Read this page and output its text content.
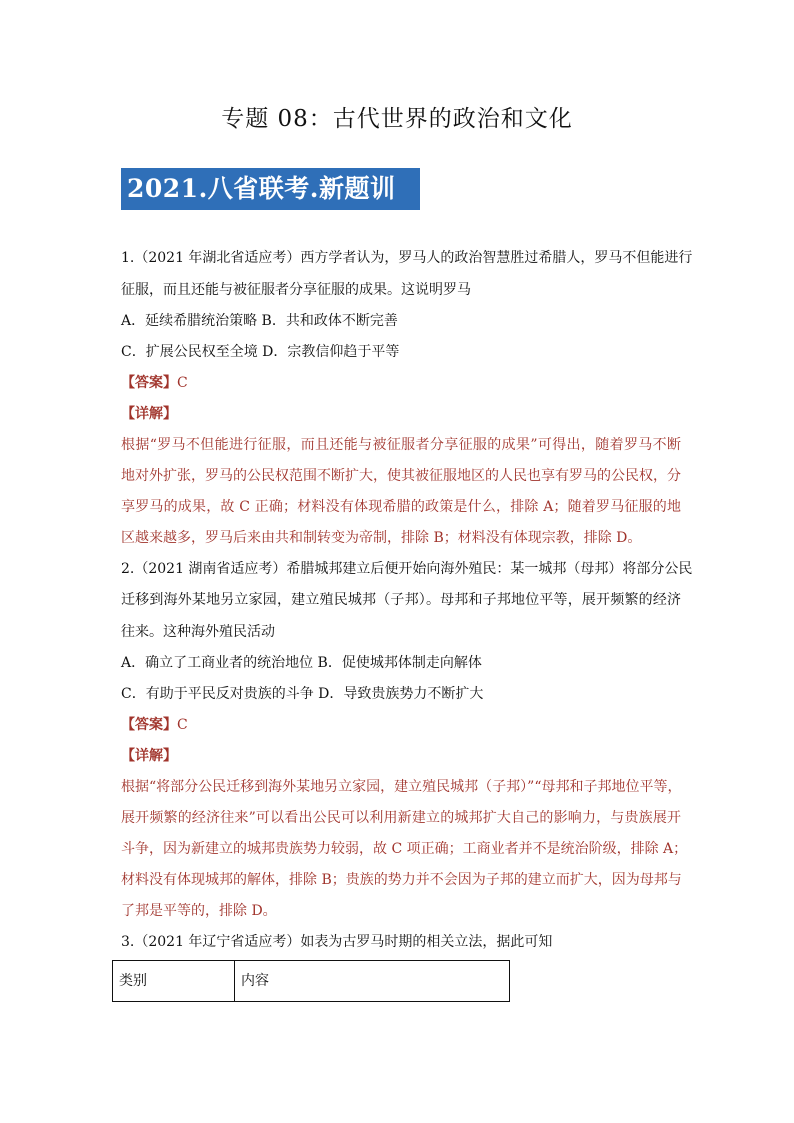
专题 08：古代世界的政治和文化
2021.八省联考.新题训练
1.（2021 年湖北省适应考）西方学者认为，罗马人的政治智慧胜过希腊人，罗马不但能进行
征服，而且还能与被征服者分享征服的成果。这说明罗马
A．延续希腊统治策略 B．共和政体不断完善
C．扩展公民权至全境 D．宗教信仰趋于平等
【答案】C
【详解】
根据“罗马不但能进行征服，而且还能与被征服者分享征服的成果”可得出，随着罗马不断
地对外扩张，罗马的公民权范围不断扩大，使其被征服地区的人民也享有罗马的公民权，分
享罗马的成果，故 C 正确；材料没有体现希腊的政策是什么，排除 A；随着罗马征服的地
区越来越多，罗马后来由共和制转变为帝制，排除 B；材料没有体现宗教，排除 D。
2.（2021 湖南省适应考）希腊城邦建立后便开始向海外殖民：某一城邦（母邦）将部分公民
迁移到海外某地另立家园，建立殖民城邦（子邦）。母邦和子邦地位平等，展开频繁的经济
往来。这种海外殖民活动
A．确立了工商业者的统治地位 B．促使城邦体制走向解体
C．有助于平民反对贵族的斗争 D．导致贵族势力不断扩大
【答案】C
【详解】
根据“将部分公民迁移到海外某地另立家园，建立殖民城邦（子邦）”“母邦和子邦地位平等，
展开频繁的经济往来”可以看出公民可以利用新建立的城邦扩大自己的影响力，与贵族展开
斗争，因为新建立的城邦贵族势力较弱，故 C 项正确；工商业者并不是统治阶级，排除 A；
材料没有体现城邦的解体，排除 B；贵族的势力并不会因为子邦的建立而扩大，因为母邦与
了邦是平等的，排除 D。
3.（2021 年辽宁省适应考）如表为古罗马时期的相关立法，据此可知
类别	内容
